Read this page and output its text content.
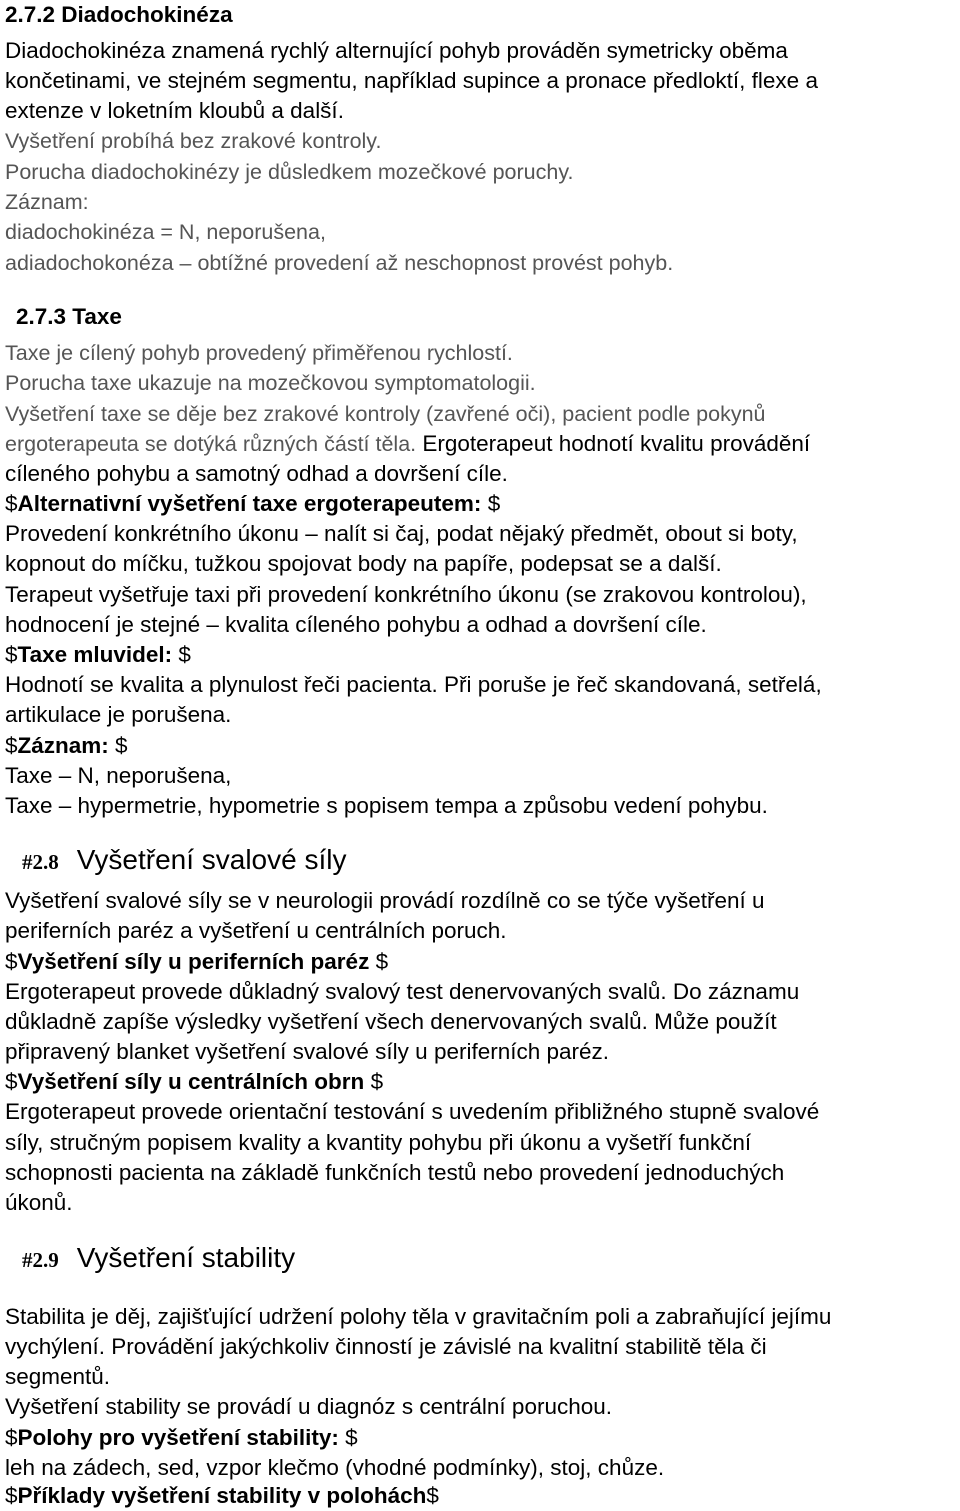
2.7.2 Diadochokinéza
Diadochokinéza znamená rychlý alternující pohyb prováděn symetricky oběma
končetinami, ve stejném segmentu, například supince a pronace předloktí, flexe a
extenze v loketním kloubů a další.
Vyšetření probíhá bez zrakové kontroly.
Porucha diadochokinézy je důsledkem mozečkové poruchy.
Záznam:
diadochokinéza = N, neporušena,
adiadochokonéza – obtížné provedení až neschopnost provést pohyb.
2.7.3 Taxe
Taxe je cílený pohyb provedený přiměřenou rychlostí.
Porucha taxe ukazuje na mozečkovou symptomatologii.
Vyšetření taxe se děje bez zrakové kontroly (zavřené oči), pacient podle pokynů
ergoterapeuta se dotýká různých částí těla. Ergoterapeut hodnotí kvalitu provádění
cíleného pohybu a samotný odhad a dovršení cíle.
$Alternativní vyšetření taxe ergoterapeutem: $
Provedení konkrétního úkonu – nalít si čaj, podat nějaký předmět, obout si boty,
kopnout do míčku, tužkou spojovat body na papíře, podepsat se a další.
Terapeut vyšetřuje taxi při provedení konkrétního úkonu (se zrakovou kontrolou),
hodnocení je stejné – kvalita cíleného pohybu a odhad a dovršení cíle.
$Taxe mluvidel: $
Hodnotí se kvalita a plynulost řeči pacienta. Při poruše je řeč skandovaná, setřelá,
artikulace je porušena.
$Záznam: $
Taxe – N, neporušena,
Taxe – hypermetrie, hypometrie s popisem tempa a způsobu vedení pohybu.
#2.8 Vyšetření svalové síly
Vyšetření svalové síly se v neurologii provádí rozdílně co se týče vyšetření u
periferních paréz a vyšetření u centrálních poruch.
$Vyšetření síly u periferních paréz $
Ergoterapeut provede důkladný svalový test denervovaných svalů. Do záznamu
důkladně zapíše výsledky vyšetření všech denervovaných svalů. Může použít
připravený blanket vyšetření svalové síly u periferních paréz.
$Vyšetření síly u centrálních obrn $
Ergoterapeut provede orientační testování s uvedením přibližného stupně svalové
síly, stručným popisem kvality a kvantity pohybu při úkonu a vyšetří funkční
schopnosti pacienta na základě funkčních testů nebo provedení jednoduchých
úkonů.
#2.9 Vyšetření stability
Stabilita je děj, zajišťující udržení polohy těla v gravitačním poli a zabraňující jejímu
vychýlení. Provádění jakýchkoliv činností je závislé na kvalitní stabilitě těla či
segmentů.
Vyšetření stability se provádí u diagnóz s centrální poruchou.
$Polohy pro vyšetření stability: $
leh na zádech, sed, vzpor klečmo (vhodné podmínky), stoj, chůze.
$Příklady vyšetření stability v polohách$
